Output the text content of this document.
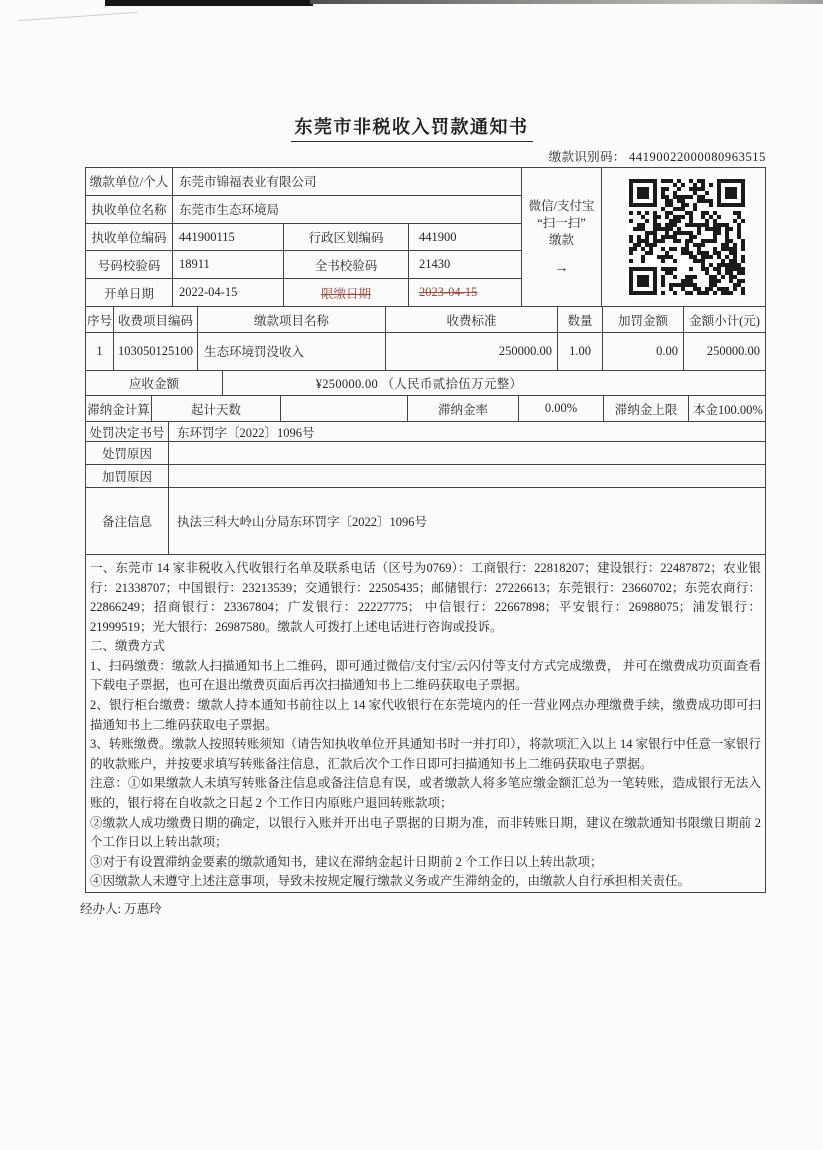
东莞市非税收入罚款通知书
缴款识别码： 44190022000080963515
缴款单位/个人 东莞市锦福表业有限公司
执收单位名称	东莞市生态环境局
执收单位编码	441900115	行政区划编码	441900
号码校验码	18911	全书校验码	21430
开单日期	2022-04-15	限缴日期	2023-04-15
微信/支付宝
“扫一扫”
缴款
→
序号 收费项目编码	缴款项目名称	收费标准	数量	加罚金额	金额小计(元)
1	103050125100 生态环境罚没收入	250000.00	1.00	0.00	250000.00
应收金额	¥250000.00 （人民币贰拾伍万元整）
滞纳金计算	起计天数	滞纳金率	0.00%	滞纳金上限	本金100.00%
处罚决定书号	东环罚字〔2022〕1096号
处罚原因
加罚原因
备注信息	执法三科大岭山分局东环罚字〔2022〕1096号
一、东莞市 14 家非税收入代收银行名单及联系电话（区号为0769）：工商银行：22818207；建设银行：22487872；农业银行：21338707；中国银行：23213539；交通银行：22505435；邮储银行：27226613；东莞银行：23660702；东莞农商行：22866249；招商银行：23367804；广发银行：22227775； 中信银行：22667898；平安银行：26988075；浦发银行：21999519；光大银行：26987580。缴款人可拨打上述电话进行咨询或投诉。
二、缴费方式
1、扫码缴费：缴款人扫描通知书上二维码，即可通过微信/支付宝/云闪付等支付方式完成缴费， 并可在缴费成功页面查看下载电子票据，也可在退出缴费页面后再次扫描通知书上二维码获取电子票据。
2、银行柜台缴费：缴款人持本通知书前往以上 14 家代收银行在东莞境内的任一营业网点办理缴费手续，缴费成功即可扫描通知书上二维码获取电子票据。
3、转账缴费。缴款人按照转账须知（请告知执收单位开具通知书时一并打印），将款项汇入以上 14 家银行中任意一家银行的收款账户，并按要求填写转账备注信息，汇款后次个工作日即可扫描通知书上二维码获取电子票据。
注意：①如果缴款人未填写转账备注信息或备注信息有误，或者缴款人将多笔应缴金额汇总为一笔转账，造成银行无法入账的，银行将在自收款之日起 2 个工作日内原账户退回转账款项；
②缴款人成功缴费日期的确定，以银行入账并开出电子票据的日期为准，而非转账日期，建议在缴款通知书限缴日期前 2 个工作日以上转出款项；
③对于有设置滞纳金要素的缴款通知书，建议在滞纳金起计日期前 2 个工作日以上转出款项；
④因缴款人未遵守上述注意事项，导致未按规定履行缴款义务或产生滞纳金的，由缴款人自行承担相关责任。
经办人: 万惠玲
